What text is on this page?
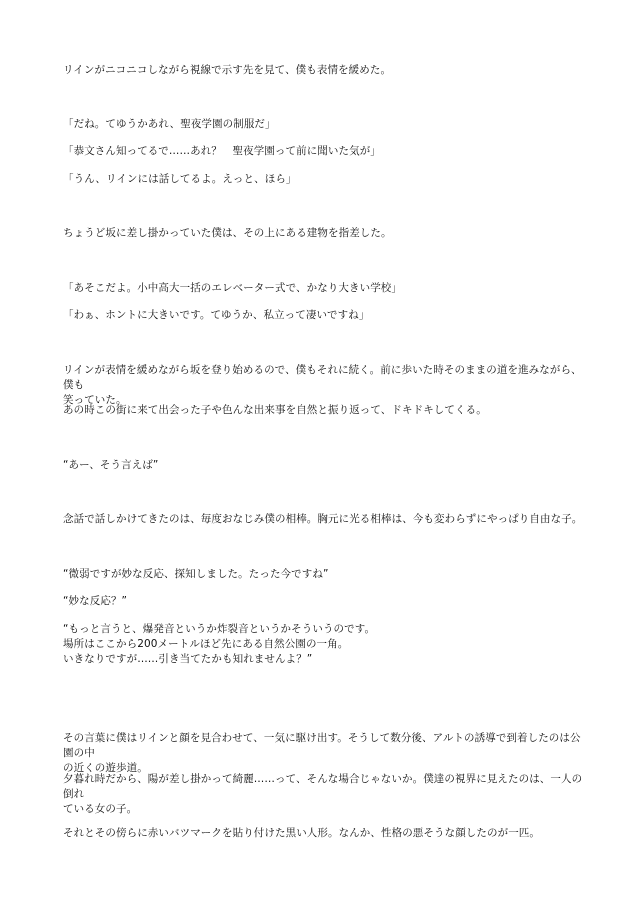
リインがニコニコしながら視線で示す先を見て、僕も表情を緩めた。

「だね。てゆうかあれ、聖夜学園の制服だ」

「恭文さん知ってるで……あれ？　聖夜学園って前に聞いた気が」

「うん、リインには話してるよ。えっと、ほら」

ちょうど坂に差し掛かっていた僕は、その上にある建物を指差した。

「あそこだよ。小中高大一括のエレベーター式で、かなり大きい学校」

「わぁ、ホントに大きいです。てゆうか、私立って凄いですね」

リインが表情を緩めながら坂を登り始めるので、僕もそれに続く。前に歩いた時そのままの道を進みながら、僕も
笑っていた。

あの時この街に来て出会った子や色んな出来事を自然と振り返って、ドキドキしてくる。

“あー、そう言えば”

念話で話しかけてきたのは、毎度おなじみ僕の相棒。胸元に光る相棒は、今も変わらずにやっぱり自由な子。

“微弱ですが妙な反応、探知しました。たった今ですね”

“妙な反応？”

“もっと言うと、爆発音というか炸裂音というかそういうのです。
場所はここから200メートルほど先にある自然公園の一角。
いきなりですが……引き当てたかも知れませんよ？”

その言葉に僕はリインと顔を見合わせて、一気に駆け出す。そうして数分後、アルトの誘導で到着したのは公園の中
の近くの遊歩道。

夕暮れ時だから、陽が差し掛かって綺麗……って、そんな場合じゃないか。僕達の視界に見えたのは、一人の倒れ
ている女の子。

それとその傍らに赤いバツマークを貼り付けた黒い人形。なんか、性格の悪そうな顔したのが一匹。
